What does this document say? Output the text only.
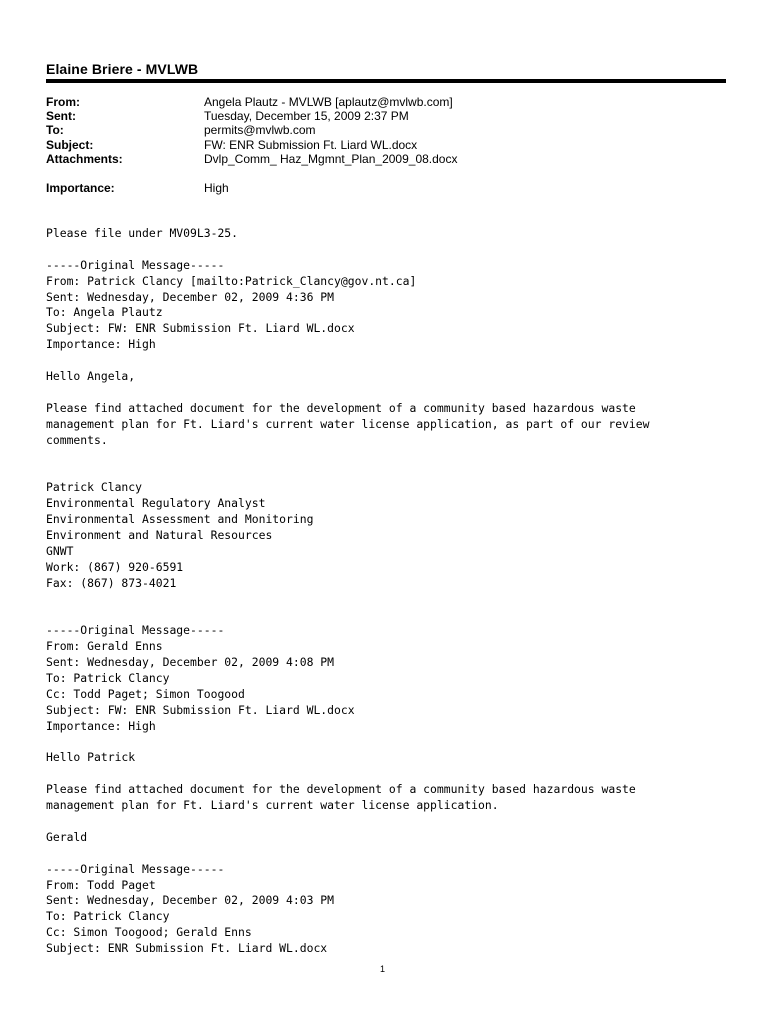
Elaine Briere - MVLWB
From:	Angela Plautz - MVLWB [aplautz@mvlwb.com]
Sent:	Tuesday, December 15, 2009 2:37 PM
To:	permits@mvlwb.com
Subject:	FW: ENR Submission Ft. Liard WL.docx
Attachments:	Dvlp_Comm_ Haz_Mgmnt_Plan_2009_08.docx
Importance:	High
Please file under MV09L3-25.
-----Original Message-----
From: Patrick Clancy [mailto:Patrick_Clancy@gov.nt.ca]
Sent: Wednesday, December 02, 2009 4:36 PM
To: Angela Plautz
Subject: FW: ENR Submission Ft. Liard WL.docx
Importance: High
Hello Angela,
Please find attached document for the development of a community based hazardous waste
management plan for Ft. Liard's current water license application, as part of our review
comments.
Patrick Clancy
Environmental Regulatory Analyst
Environmental Assessment and Monitoring
Environment and Natural Resources
GNWT
Work: (867) 920-6591
Fax: (867) 873-4021
-----Original Message-----
From: Gerald Enns
Sent: Wednesday, December 02, 2009 4:08 PM
To: Patrick Clancy
Cc: Todd Paget; Simon Toogood
Subject: FW: ENR Submission Ft. Liard WL.docx
Importance: High
Hello Patrick
Please find attached document for the development of a community based hazardous waste
management plan for Ft. Liard's current water license application.
Gerald
-----Original Message-----
From: Todd Paget
Sent: Wednesday, December 02, 2009 4:03 PM
To: Patrick Clancy
Cc: Simon Toogood; Gerald Enns
Subject: ENR Submission Ft. Liard WL.docx
1
